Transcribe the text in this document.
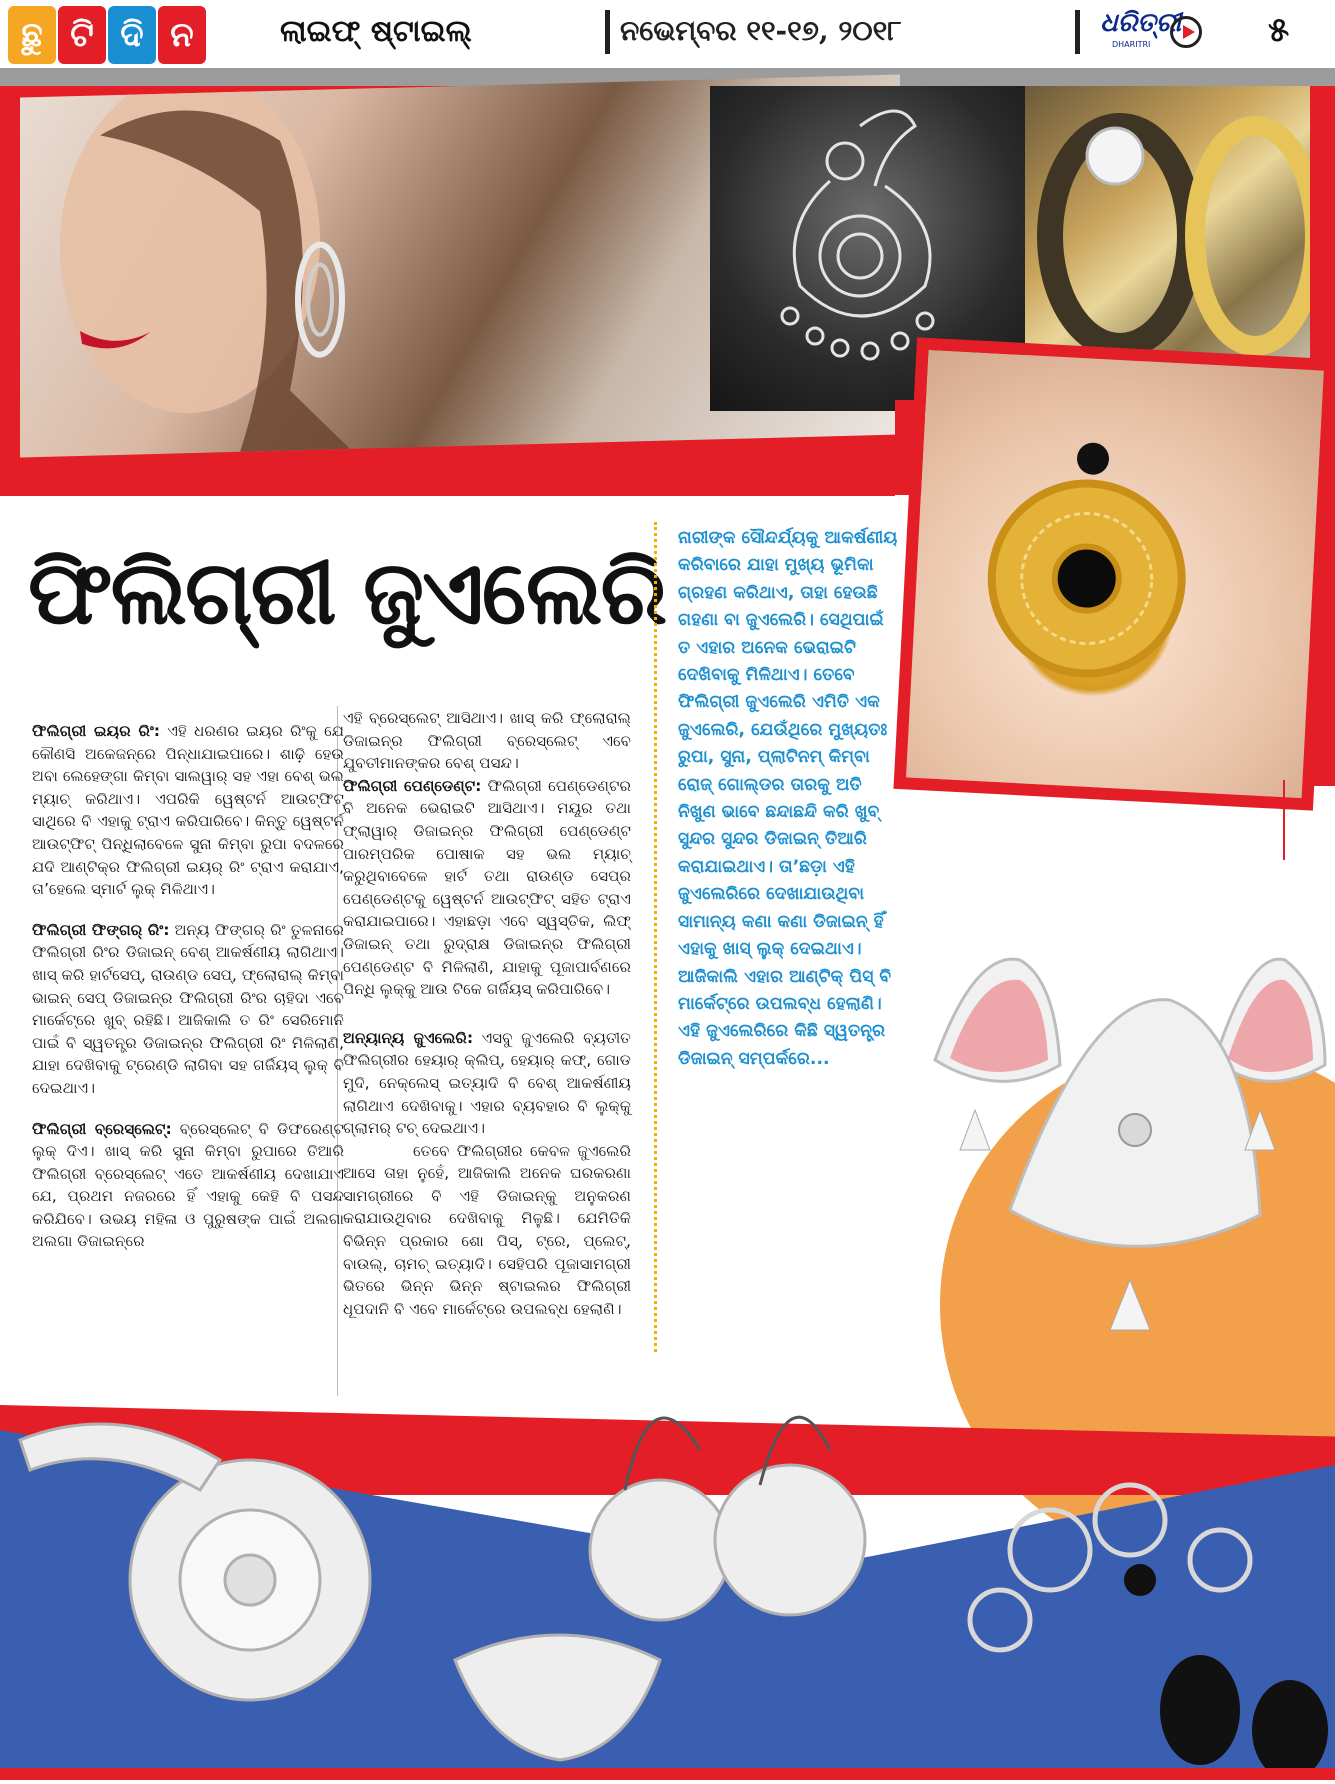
ଛୁ ଟି ଦି ନ	ଲାଇଫ୍ ଷ୍ଟାଇଲ୍	ନଭେମ୍ବର ୧୧-୧୭, ୨୦୧୮	ଧରିତ୍ରୀ
DHARITRI	୫
ଫିଲିଗ୍ରୀ ଜୁଏଲେରି

ଫିଲିଗ୍ରୀ ଇୟର ରିଂ: ଏହି ଧରଣର ଇୟର ରିଂକୁ ଯେ କୌଣସି ଅକେଜନ୍‌ରେ ପିନ୍ଧାଯାଇପାରେ। ଶାଢ଼ି ହେଉ ଅବା ଲେହେଙ୍ଗା କିମ୍ବା ସାଲୱାର୍ ସହ ଏହା ବେଶ୍ ଭଲ ମ୍ୟାଚ୍ କରିଥାଏ। ଏପରିକି ୱେଷ୍ଟର୍ନ ଆଉଟ୍‌ଫିଟ୍ ସାଥିରେ ବି ଏହାକୁ ଟ୍ରାଏ କରିପାରିବେ। କିନ୍ତୁ ୱେଷ୍ଟର୍ନ ଆଉଟ୍‌ଫିଟ୍ ପିନ୍ଧିଲାବେଳେ ସୁନା କିମ୍ବା ରୁପା ବଦଳରେ ଯଦି ଆଣ୍ଟିକ୍‌ର ଫିଲିଗ୍ରୀ ଇୟର୍ ରିଂ ଟ୍ରାଏ କରାଯାଏ, ତା’ହେଲେ ସ୍ମାର୍ଟ ଲୁକ୍ ମିଳିଥାଏ।

ଫିଲିଗ୍ରୀ ଫିଙ୍ଗର୍ ରିଂ: ଅନ୍ୟ ଫିଙ୍ଗର୍ ରିଂ ତୁଳନାରେ ଫିଲିଗ୍ରୀ ରିଂର ଡିଜାଇନ୍ ବେଶ୍ ଆକର୍ଷଣୀୟ ଲାଗିଥାଏ। ଖାସ୍ କରି ହାର୍ଟସେପ୍, ରାଉଣ୍ଡ ସେପ୍, ଫ୍ଲୋରାଲ୍ କିମ୍ବା ଭାଇନ୍ ସେପ୍ ଡିଜାଇନ୍‌ର ଫିଲିଗ୍ରୀ ରିଂର ଚାହିଦା ଏବେ ମାର୍କେଟ୍‌ରେ ଖୁବ୍ ରହିଛି। ଆଜିକାଲି ତ ରିଂ ସେରିମୋନି ପାଇଁ ବି ସ୍ୱତନ୍ତ୍ର ଡିଜାଇନ୍‌ର ଫିଲିଗ୍ରୀ ରିଂ ମିଳିଲାଣି, ଯାହା ଦେଖିବାକୁ ଟ୍ରେଣ୍ଡି ଲାଗିବା ସହ ଗର୍ଜିୟସ୍ ଲୁକ୍ ବି ଦେଇଥାଏ।

ଫିଲିଗ୍ରୀ ବ୍ରେସ୍‌ଲେଟ୍: ବ୍ରେସ୍‌ଲେଟ୍ ବି ଡିଫରେଣ୍ଟ ଲୁକ୍ ଦିଏ। ଖାସ୍ କରି ସୁନା କିମ୍ବା ରୁପାରେ ତିଆରି ଫିଲିଗ୍ରୀ ବ୍ରେସ୍‌ଲେଟ୍ ଏତେ ଆକର୍ଷଣୀୟ ଦେଖାଯାଏ ଯେ, ପ୍ରଥମ ନଜରରେ ହିଁ ଏହାକୁ କେହି ବି ପସନ୍ଦ କରିଯିବେ। ଉଭୟ ମହିଳା ଓ ପୁରୁଷଙ୍କ ପାଇଁ ଅଲଗା ଅଲଗା ଡିଜାଇନ୍‌ରେ

ଏହି ବ୍ରେସ୍‌ଲେଟ୍ ଆସିଥାଏ। ଖାସ୍ କରି ଫ୍ଲୋରାଲ୍ ଡିଜାଇନ୍‌ର ଫିଲିଗ୍ରୀ ବ୍ରେସ୍‌ଲେଟ୍ ଏବେ ଯୁବତୀମାନଙ୍କର ବେଶ୍ ପସନ୍ଦ।

ଫିଲିଗ୍ରୀ ପେଣ୍ଡେଣ୍ଟ: ଫିଲିଗ୍ରୀ ପେଣ୍ଡେଣ୍ଟର ବି ଅନେକ ଭେରାଇଟି ଆସିଥାଏ। ମୟୂର ତଥା ଫ୍ଲାୱାର୍ ଡିଜାଇନ୍‌ର ଫିଲିଗ୍ରୀ ପେଣ୍ଡେଣ୍ଟ ପାରମ୍ପରିକ ପୋଷାକ ସହ ଭଲ ମ୍ୟାଚ୍ କରୁଥିବାବେଳେ ହାର୍ଟ ତଥା ରାଉଣ୍ଡ ସେପ୍‌ର ପେଣ୍ଡେଣ୍ଟକୁ ୱେଷ୍ଟର୍ନ ଆଉଟ୍‌ଫିଟ୍ ସହିତ ଟ୍ରାଏ କରାଯାଇପାରେ। ଏହାଛଡ଼ା ଏବେ ସ୍ୱସ୍ତିକ, ଲିଫ୍ ଡିଜାଇନ୍ ତଥା ରୁଦ୍ରାକ୍ଷ ଡିଜାଇନ୍‌ର ଫିଲିଗ୍ରୀ ପେଣ୍ଡେଣ୍ଟ ବି ମିଳିଲାଣି, ଯାହାକୁ ପୂଜାପାର୍ବଣରେ ପିନ୍ଧି ଲୁକ୍‌କୁ ଆଉ ଟିକେ ଗର୍ଜିୟସ୍ କରିପାରିବେ।

ଅନ୍ୟାନ୍ୟ ଜୁଏଲେରି: ଏସବୁ ଜୁଏଲେରି ବ୍ୟତୀତ ଫିଲିଗ୍ରୀର ହେୟାର୍ କ୍ଲିପ୍, ହେୟାର୍ କଫ୍, ଗୋଡ ମୁଦି, ନେକ୍‌ଲେସ୍ ଇତ୍ୟାଦି ବି ବେଶ୍ ଆକର୍ଷଣୀୟ ଲାଗିଥାଏ ଦେଖିବାକୁ। ଏହାର ବ୍ୟବହାର ବି ଲୁକ୍‌କୁ ଗ୍ଲାମର୍ ଟଚ୍ ଦେଇଥାଏ।

ତେବେ ଫିଲିଗ୍ରୀର କେବଳ ଜୁଏଲେରି ଆସେ ତାହା ନୁହେଁ, ଆଜିକାଲି ଅନେକ ଘରକରଣା ସାମଗ୍ରୀରେ ବି ଏହି ଡିଜାଇନ୍‌କୁ ଅନୁକରଣ କରାଯାଉଥିବାର ଦେଖିବାକୁ ମିଳୁଛି। ଯେମିତିକି ବିଭିନ୍ନ ପ୍ରକାର ଶୋ ପିସ୍, ଟ୍ରେ, ପ୍ଲେଟ୍, ବାଉଲ୍, ଚାମଚ୍ ଇତ୍ୟାଦି। ସେହିପରି ପୂଜାସାମଗ୍ରୀ ଭିତରେ ଭିନ୍ନ ଭିନ୍ନ ଷ୍ଟାଇଲର ଫିଲିଗ୍ରୀ ଧୂପଦାନି ବି ଏବେ ମାର୍କେଟ୍‌ରେ ଉପଲବ୍ଧ ହେଲାଣି।

ନାରୀଙ୍କ ସୌନ୍ଦର୍ଯ୍ୟକୁ ଆକର୍ଷଣୀୟ କରିବାରେ ଯାହା ମୁଖ୍ୟ ଭୂମିକା ଗ୍ରହଣ କରିଥାଏ, ତାହା ହେଉଛି ଗହଣା ବା ଜୁଏଲେରି। ସେଥିପାଇଁ ତ ଏହାର ଅନେକ ଭେରାଇଟି ଦେଖିବାକୁ ମିଳିଥାଏ। ତେବେ ଫିଲିଗ୍ରୀ ଜୁଏଲେରି ଏମିତି ଏକ ଜୁଏଲେରି, ଯେଉଁଥିରେ ମୁଖ୍ୟତଃ ରୁପା, ସୁନା, ପ୍ଲାଟିନମ୍ କିମ୍ବା ରୋଜ୍ ଗୋଲ୍ଡର ତାରକୁ ଅତି ନିଖୁଣ ଭାବେ ଛନ୍ଦାଛନ୍ଦି କରି ଖୁବ୍ ସୁନ୍ଦର ସୁନ୍ଦର ଡିଜାଇନ୍ ତିଆରି କରାଯାଇଥାଏ। ତା’ଛଡ଼ା ଏହି ଜୁଏଲେରିରେ ଦେଖାଯାଉଥିବା ସାମାନ୍ୟ କଣା କଣା ଡିଜାଇନ୍ ହିଁ ଏହାକୁ ଖାସ୍ ଲୁକ୍ ଦେଇଥାଏ। ଆଜିକାଲି ଏହାର ଆଣ୍ଟିକ୍ ପିସ୍ ବି ମାର୍କେଟ୍‌ରେ ଉପଲବ୍ଧ ହେଲାଣି। ଏହି ଜୁଏଲେରିରେ କିଛି ସ୍ୱତନ୍ତ୍ର ଡିଜାଇନ୍ ସମ୍ପର୍କରେ...
